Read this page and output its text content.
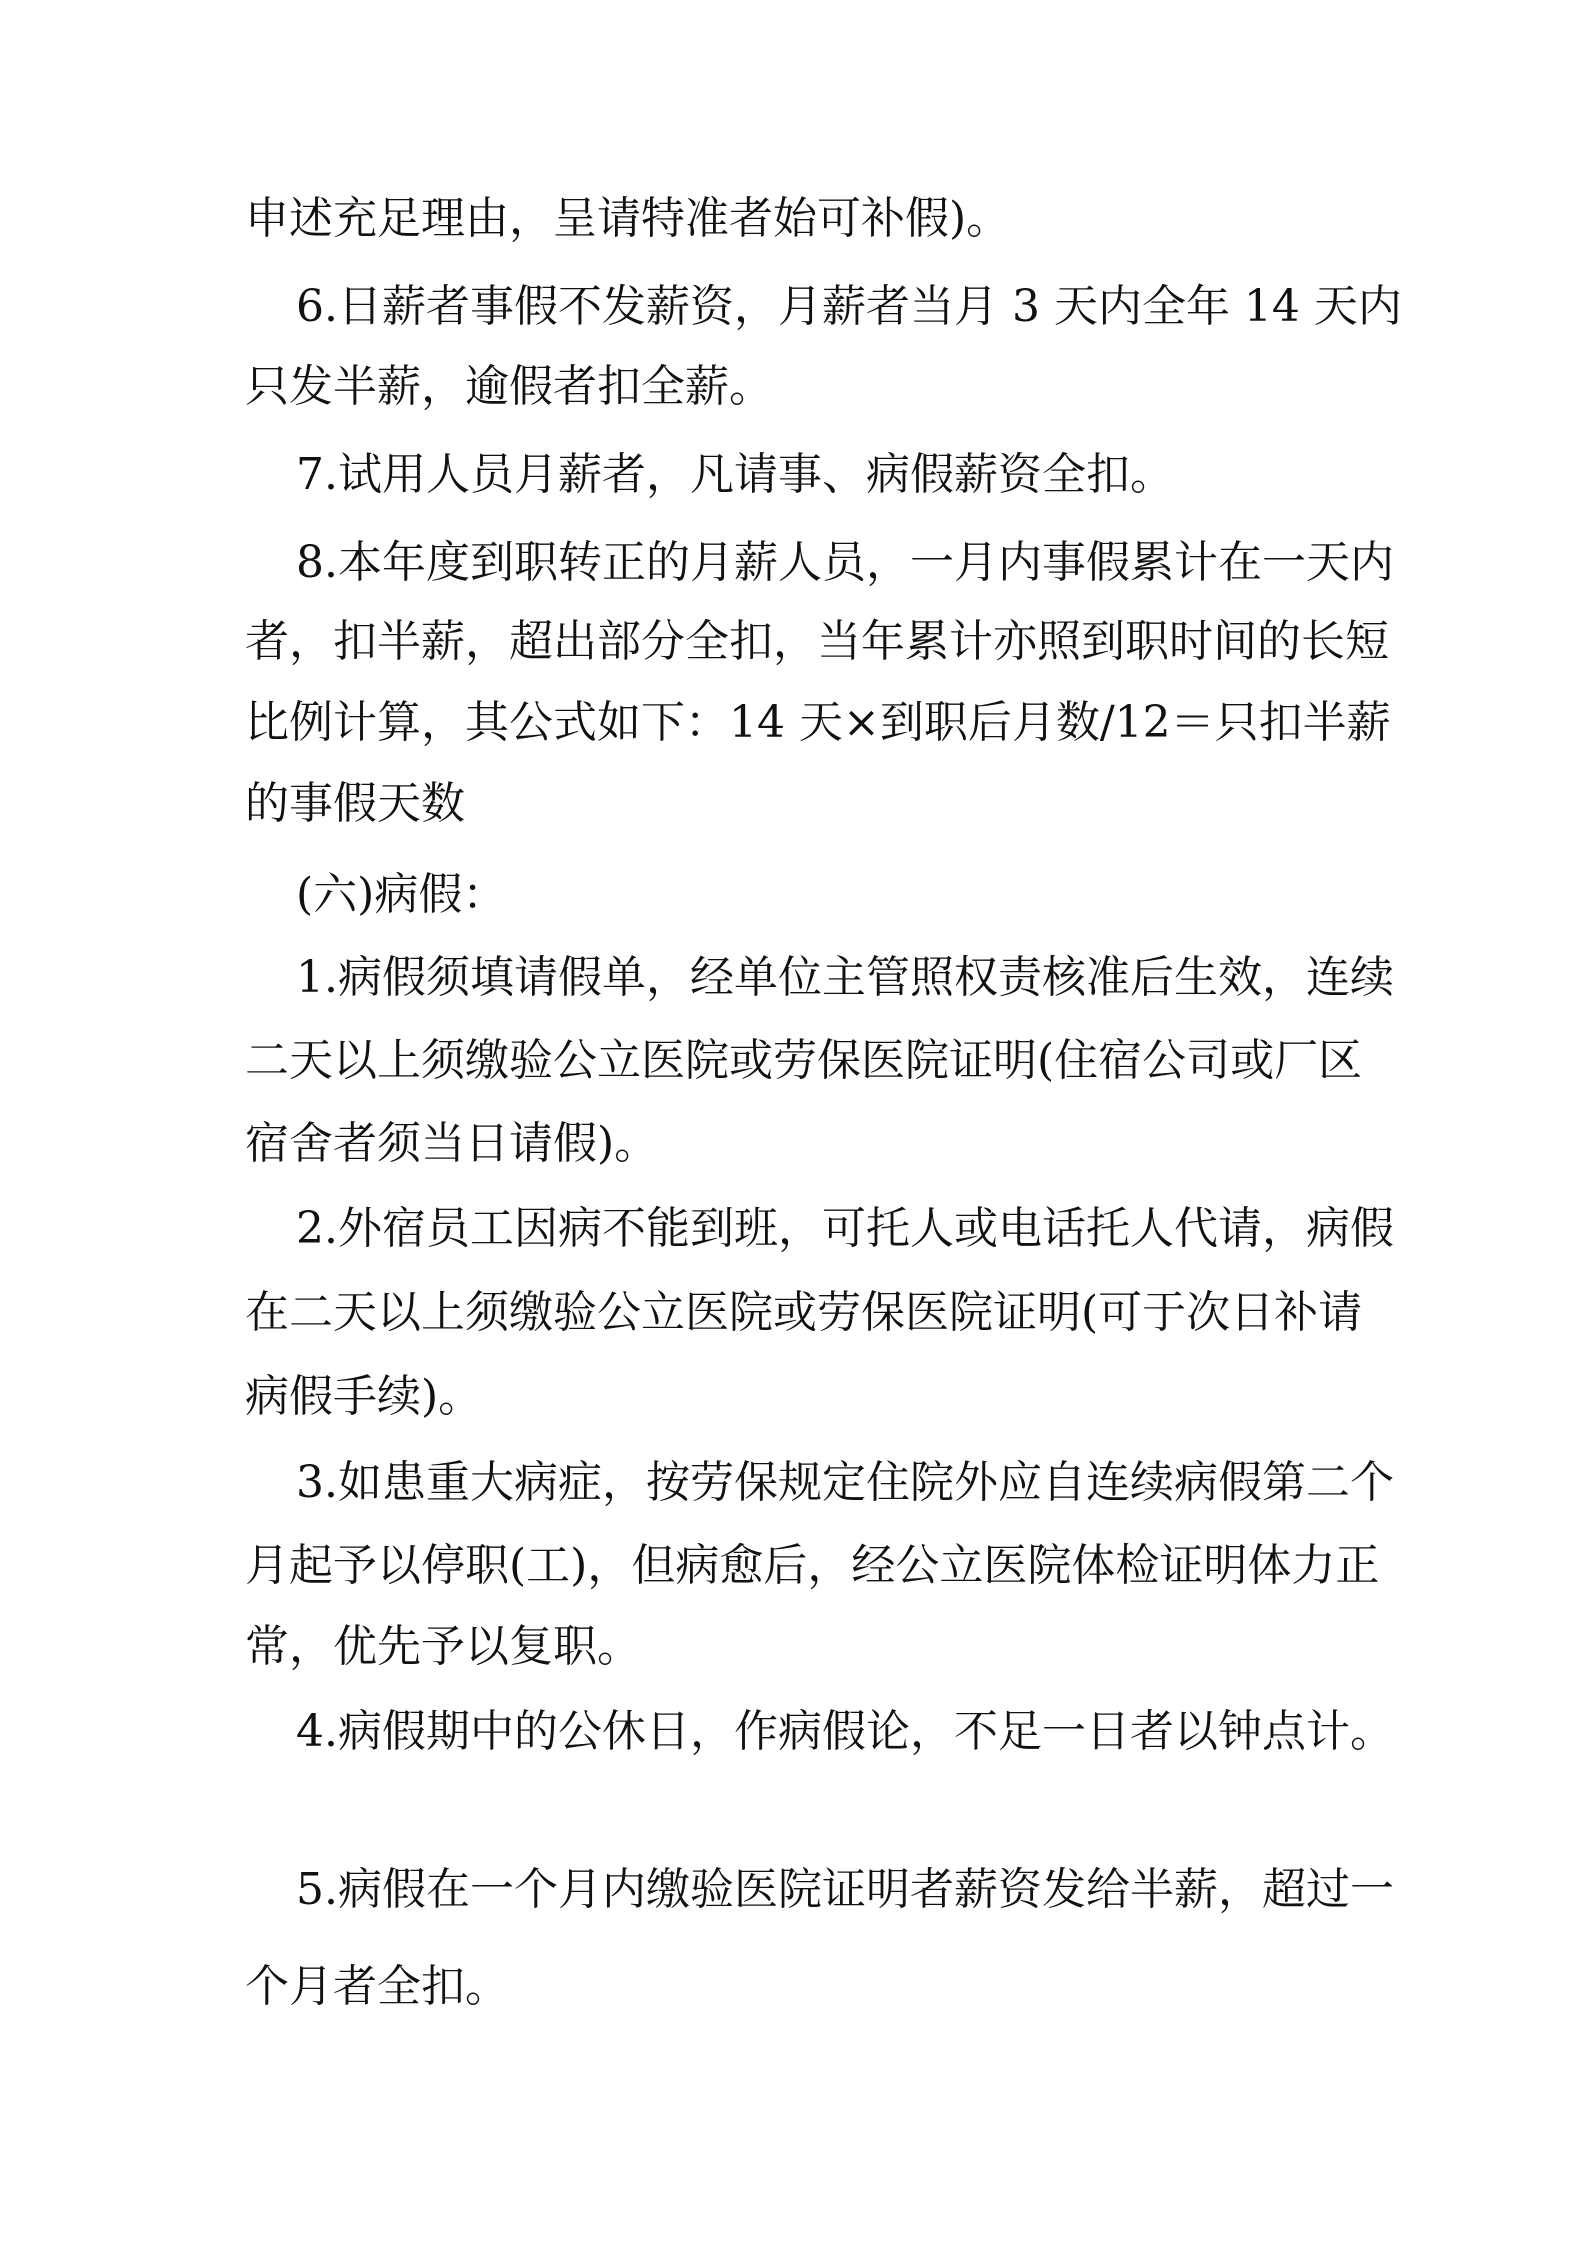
申述充足理由，呈请特准者始可补假)。
6.日薪者事假不发薪资，月薪者当月 3 天内全年 14 天内
只发半薪，逾假者扣全薪。
7.试用人员月薪者，凡请事、病假薪资全扣。
8.本年度到职转正的月薪人员，一月内事假累计在一天内
者，扣半薪，超出部分全扣，当年累计亦照到职时间的长短
比例计算，其公式如下：14 天×到职后月数/12＝只扣半薪
的事假天数
(六)病假：
1.病假须填请假单，经单位主管照权责核准后生效，连续
二天以上须缴验公立医院或劳保医院证明(住宿公司或厂区
宿舍者须当日请假)。
2.外宿员工因病不能到班，可托人或电话托人代请，病假
在二天以上须缴验公立医院或劳保医院证明(可于次日补请
病假手续)。
3.如患重大病症，按劳保规定住院外应自连续病假第二个
月起予以停职(工)，但病愈后，经公立医院体检证明体力正
常，优先予以复职。
4.病假期中的公休日，作病假论，不足一日者以钟点计。
5.病假在一个月内缴验医院证明者薪资发给半薪，超过一
个月者全扣。
